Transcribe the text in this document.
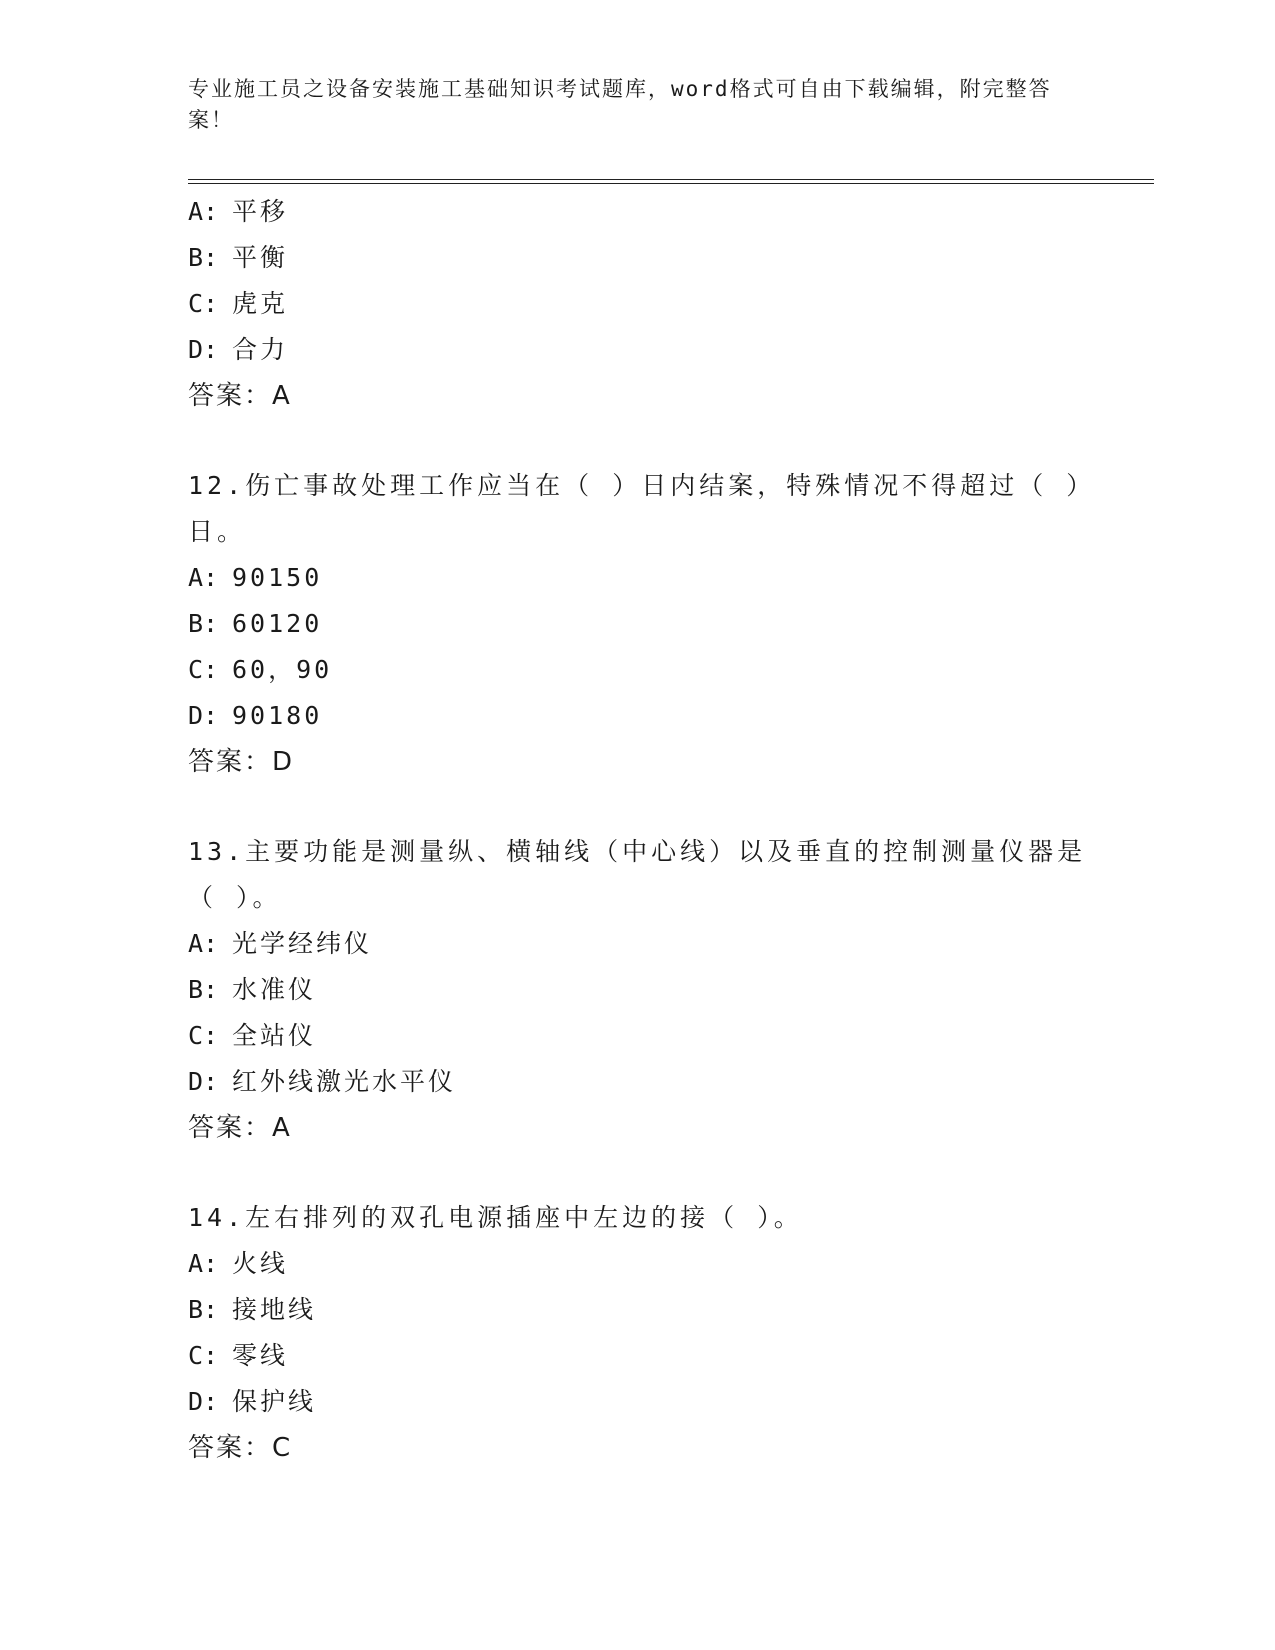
专业施工员之设备安装施工基础知识考试题库，word格式可自由下载编辑，附完整答案！
A: 平移
B: 平衡
C: 虎克
D: 合力
答案：A

12.伤亡事故处理工作应当在（ ）日内结案，特殊情况不得超过（ ）日。

A: 90150
B: 60120
C: 60，90
D: 90180
答案：D

13.主要功能是测量纵、横轴线（中心线）以及垂直的控制测量仪器是（ ）。

A: 光学经纬仪
B: 水准仪
C: 全站仪
D: 红外线激光水平仪
答案：A

14.左右排列的双孔电源插座中左边的接（ ）。

A: 火线
B: 接地线
C: 零线
D: 保护线
答案：C
